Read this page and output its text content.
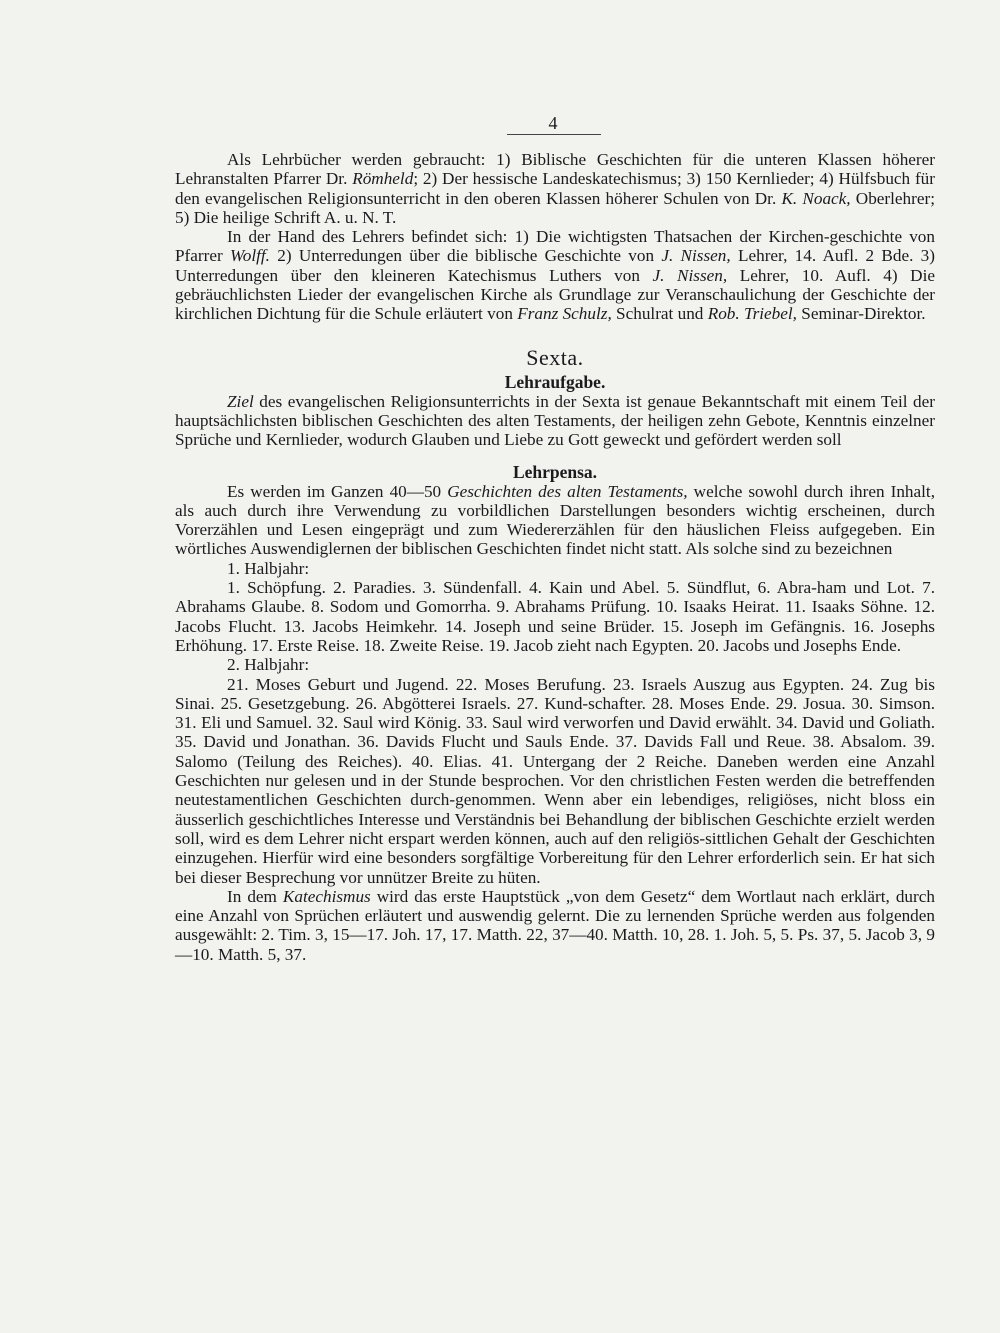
4

Als Lehrbücher werden gebraucht: 1) Biblische Geschichten für die unteren Klassen höherer Lehranstalten Pfarrer Dr. Römheld; 2) Der hessische Landeskatechismus; 3) 150 Kernlieder; 4) Hülfsbuch für den evangelischen Religionsunterricht in den oberen Klassen höherer Schulen von Dr. K. Noack, Oberlehrer; 5) Die heilige Schrift A. u. N. T.

In der Hand des Lehrers befindet sich: 1) Die wichtigsten Thatsachen der Kirchen-geschichte von Pfarrer Wolff. 2) Unterredungen über die biblische Geschichte von J. Nissen, Lehrer, 14. Aufl. 2 Bde. 3) Unterredungen über den kleineren Katechismus Luthers von J. Nissen, Lehrer, 10. Aufl. 4) Die gebräuchlichsten Lieder der evangelischen Kirche als Grundlage zur Veranschaulichung der Geschichte der kirchlichen Dichtung für die Schule erläutert von Franz Schulz, Schulrat und Rob. Triebel, Seminar-Direktor.

Sexta.

Lehraufgabe.

Ziel des evangelischen Religionsunterrichts in der Sexta ist genaue Bekanntschaft mit einem Teil der hauptsächlichsten biblischen Geschichten des alten Testaments, der heiligen zehn Gebote, Kenntnis einzelner Sprüche und Kernlieder, wodurch Glauben und Liebe zu Gott geweckt und gefördert werden soll

Lehrpensa.

Es werden im Ganzen 40—50 Geschichten des alten Testaments, welche sowohl durch ihren Inhalt, als auch durch ihre Verwendung zu vorbildlichen Darstellungen besonders wichtig erscheinen, durch Vorerzählen und Lesen eingeprägt und zum Wiedererzählen für den häuslichen Fleiss aufgegeben. Ein wörtliches Auswendiglernen der biblischen Geschichten findet nicht statt. Als solche sind zu bezeichnen

1. Halbjahr:

1. Schöpfung. 2. Paradies. 3. Sündenfall. 4. Kain und Abel. 5. Sündflut, 6. Abra-ham und Lot. 7. Abrahams Glaube. 8. Sodom und Gomorrha. 9. Abrahams Prüfung. 10. Isaaks Heirat. 11. Isaaks Söhne. 12. Jacobs Flucht. 13. Jacobs Heimkehr. 14. Joseph und seine Brüder. 15. Joseph im Gefängnis. 16. Josephs Erhöhung. 17. Erste Reise. 18. Zweite Reise. 19. Jacob zieht nach Egypten. 20. Jacobs und Josephs Ende.

2. Halbjahr:

21. Moses Geburt und Jugend. 22. Moses Berufung. 23. Israels Auszug aus Egypten. 24. Zug bis Sinai. 25. Gesetzgebung. 26. Abgötterei Israels. 27. Kund-schafter. 28. Moses Ende. 29. Josua. 30. Simson. 31. Eli und Samuel. 32. Saul wird König. 33. Saul wird verworfen und David erwählt. 34. David und Goliath. 35. David und Jonathan. 36. Davids Flucht und Sauls Ende. 37. Davids Fall und Reue. 38. Absalom. 39. Salomo (Teilung des Reiches). 40. Elias. 41. Untergang der 2 Reiche. Daneben werden eine Anzahl Geschichten nur gelesen und in der Stunde besprochen. Vor den christlichen Festen werden die betreffenden neutestamentlichen Geschichten durch-genommen. Wenn aber ein lebendiges, religiöses, nicht bloss ein äusserlich geschichtliches Interesse und Verständnis bei Behandlung der biblischen Geschichte erzielt werden soll, wird es dem Lehrer nicht erspart werden können, auch auf den religiös-sittlichen Gehalt der Geschichten einzugehen. Hierfür wird eine besonders sorgfältige Vorbereitung für den Lehrer erforderlich sein. Er hat sich bei dieser Besprechung vor unnützer Breite zu hüten.

In dem Katechismus wird das erste Hauptstück „von dem Gesetz“ dem Wortlaut nach erklärt, durch eine Anzahl von Sprüchen erläutert und auswendig gelernt. Die zu lernenden Sprüche werden aus folgenden ausgewählt: 2. Tim. 3, 15—17. Joh. 17, 17. Matth. 22, 37—40. Matth. 10, 28. 1. Joh. 5, 5. Ps. 37, 5. Jacob 3, 9—10. Matth. 5, 37.
